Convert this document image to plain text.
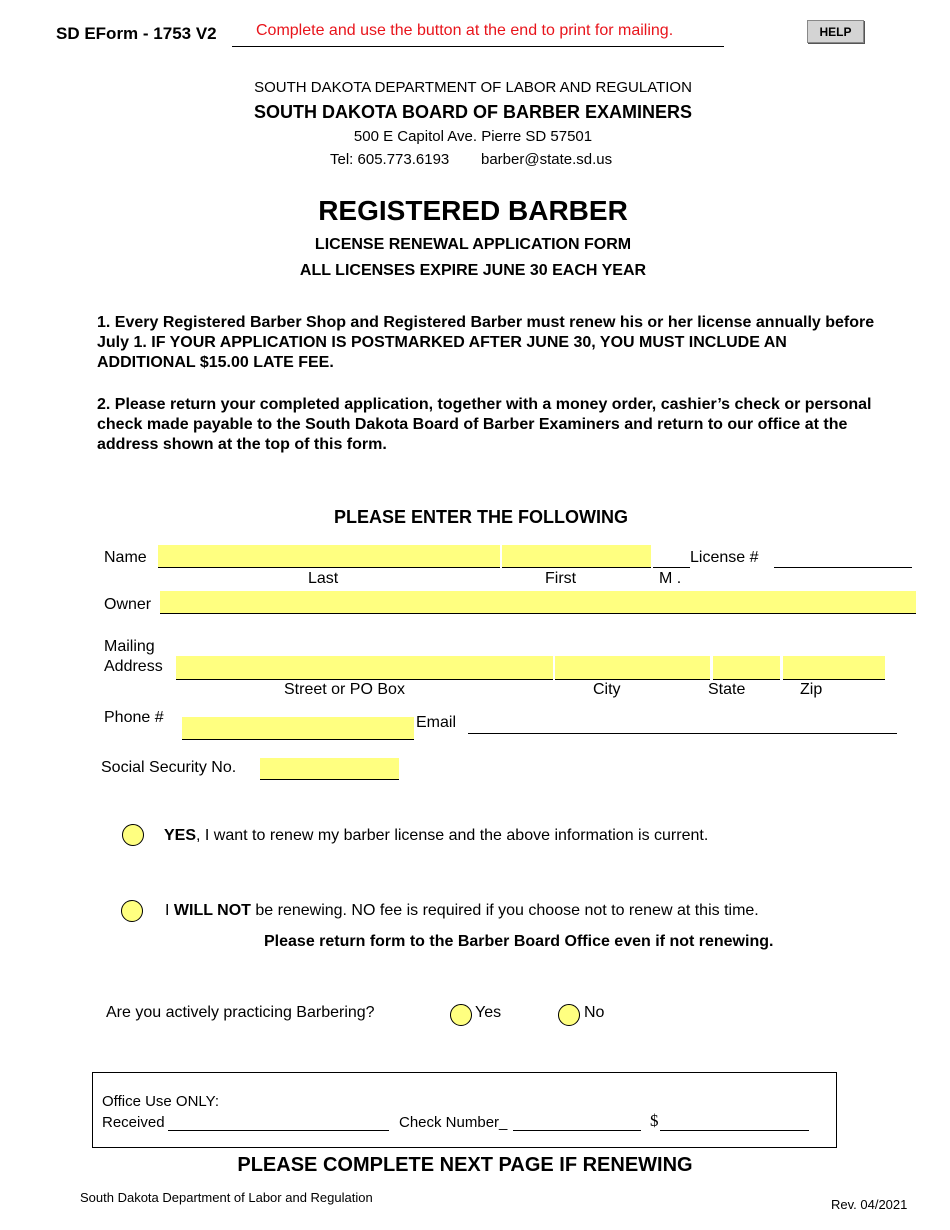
SD EForm - 1753 V2 Complete and use the button at the end to print for mailing.	HELP
SOUTH DAKOTA DEPARTMENT OF LABOR AND REGULATION
SOUTH DAKOTA BOARD OF BARBER EXAMINERS
500 E Capitol Ave. Pierre SD 57501
Tel: 605.773.6193 barber@state.sd.us
REGISTERED BARBER
LICENSE RENEWAL APPLICATION FORM
ALL LICENSES EXPIRE JUNE 30 EACH YEAR
1. Every Registered Barber Shop and Registered Barber must renew his or her license annually before July 1. IF YOUR APPLICATION IS POSTMARKED AFTER JUNE 30, YOU MUST INCLUDE AN ADDITIONAL $15.00 LATE FEE.
2. Please return your completed application, together with a money order, cashier’s check or personal check made payable to the South Dakota Board of Barber Examiners and return to our office at the address shown at the top of this form.
PLEASE ENTER THE FOLLOWING
Name	License #
Last	First	M .
Owner
Mailing
Address
Street or PO Box	City	State	Zip
Phone #	Email
Social Security No.
YES, I want to renew my barber license and the above information is current.
I WILL NOT be renewing. NO fee is required if you choose not to renew at this time.
Please return form to the Barber Board Office even if not renewing.
Are you actively practicing Barbering?	Yes	No
Office Use ONLY:
Received	Check Number_	$
PLEASE COMPLETE NEXT PAGE IF RENEWING
South Dakota Department of Labor and Regulation	Rev. 04/2021
